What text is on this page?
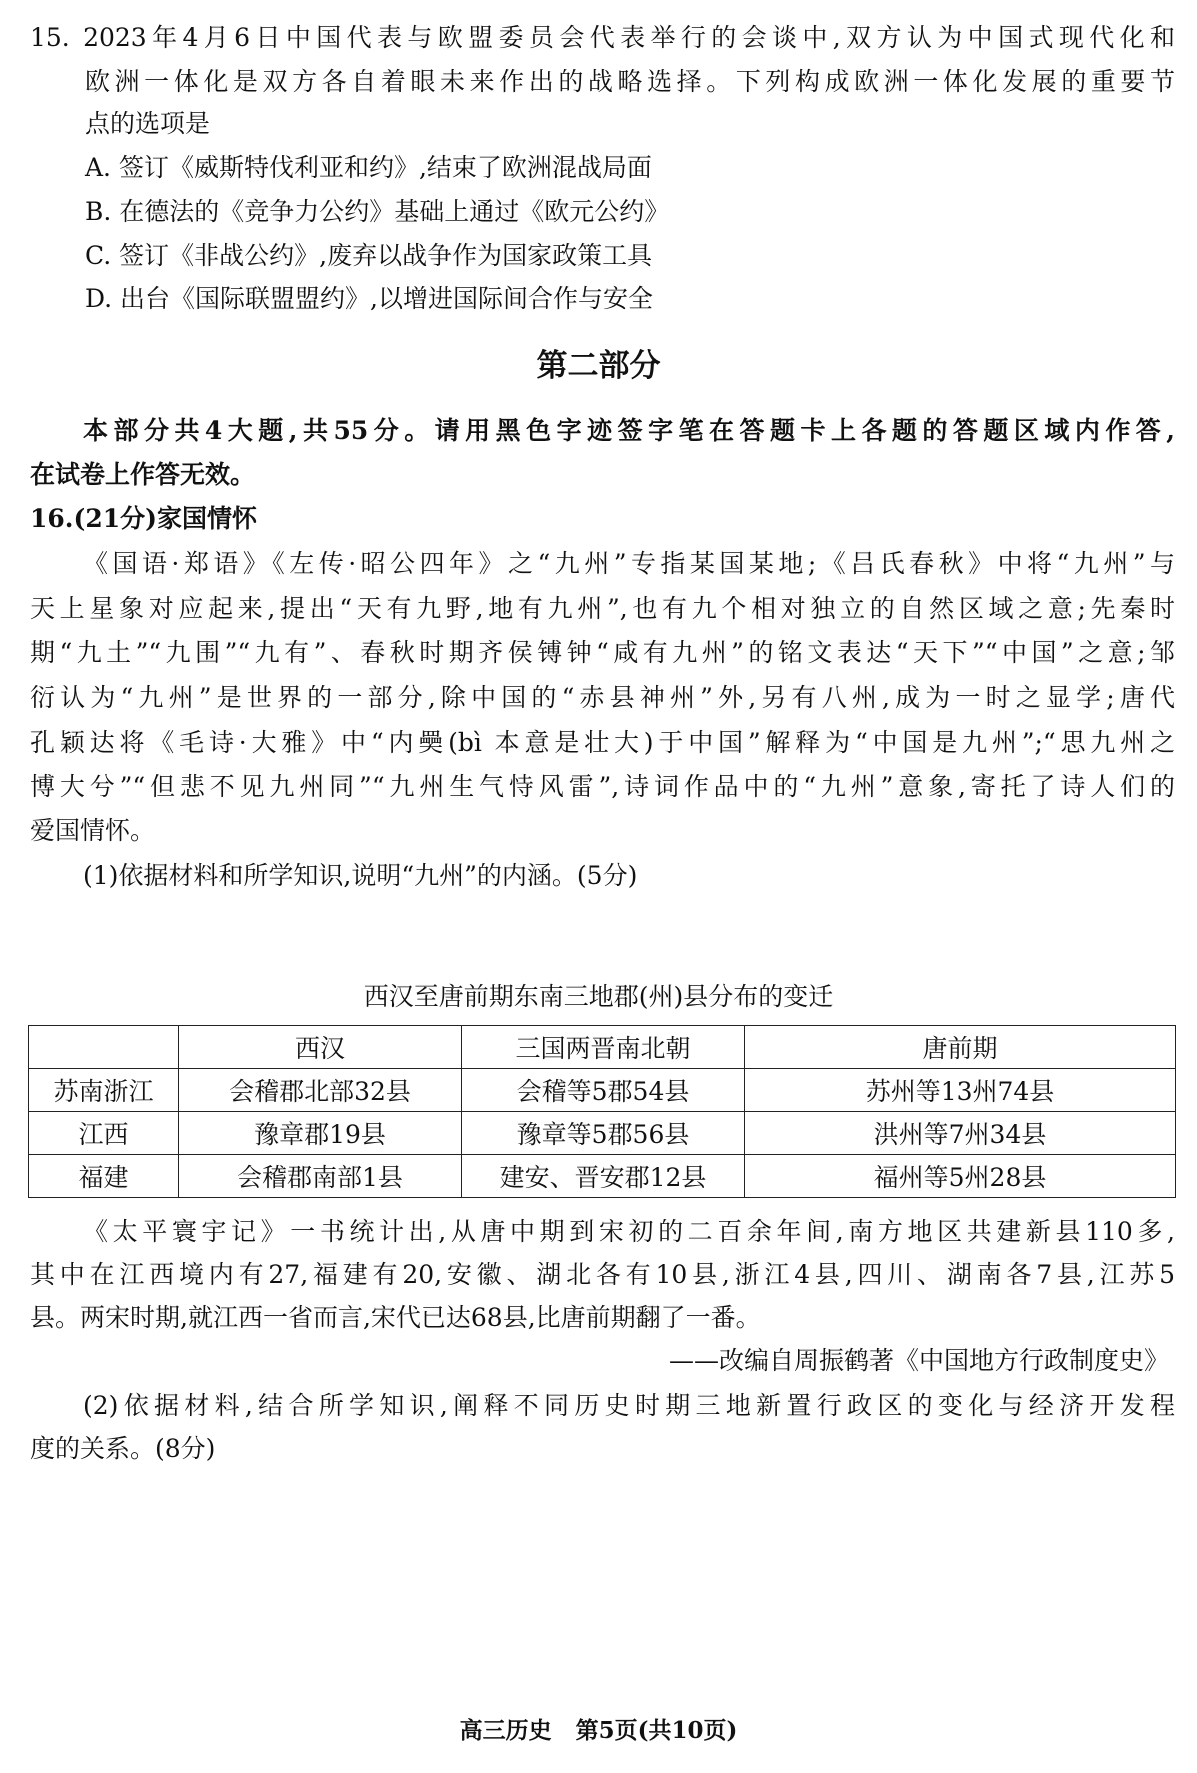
15. 2023年4月6日中国代表与欧盟委员会代表举行的会谈中,双方认为中国式现代化和
欧洲一体化是双方各自着眼未来作出的战略选择。下列构成欧洲一体化发展的重要节
点的选项是
A. 签订《威斯特伐利亚和约》,结束了欧洲混战局面
B. 在德法的《竞争力公约》基础上通过《欧元公约》
C. 签订《非战公约》,废弃以战争作为国家政策工具
D. 出台《国际联盟盟约》,以增进国际间合作与安全
第二部分
本部分共4大题,共55分。请用黑色字迹签字笔在答题卡上各题的答题区域内作答,
在试卷上作答无效。
16.(21分)家国情怀
《国语·郑语》《左传·昭公四年》之“九州”专指某国某地;《吕氏春秋》中将“九州”与
天上星象对应起来,提出“天有九野,地有九州”,也有九个相对独立的自然区域之意;先秦时
期“九土”“九围”“九有”、春秋时期齐侯镈钟“咸有九州”的铭文表达“天下”“中国”之意;邹
衍认为“九州”是世界的一部分,除中国的“赤县神州”外,另有八州,成为一时之显学;唐代
孔颖达将《毛诗·大雅》中“内奰(bì 本意是壮大)于中国”解释为“中国是九州”;“思九州之
博大兮”“但悲不见九州同”“九州生气恃风雷”,诗词作品中的“九州”意象,寄托了诗人们的
爱国情怀。
(1)依据材料和所学知识,说明“九州”的内涵。(5分)
西汉至唐前期东南三地郡(州)县分布的变迁
	西汉	三国两晋南北朝	唐前期
苏南浙江	会稽郡北部32县	会稽等5郡54县	苏州等13州74县
江西	豫章郡19县	豫章等5郡56县	洪州等7州34县
福建	会稽郡南部1县	建安、晋安郡12县	福州等5州28县
《太平寰宇记》一书统计出,从唐中期到宋初的二百余年间,南方地区共建新县110多,
其中在江西境内有27,福建有20,安徽、湖北各有10县,浙江4县,四川、湖南各7县,江苏5
县。两宋时期,就江西一省而言,宋代已达68县,比唐前期翻了一番。
——改编自周振鹤著《中国地方行政制度史》
(2)依据材料,结合所学知识,阐释不同历史时期三地新置行政区的变化与经济开发程
度的关系。(8分)
高三历史   第5页(共10页)
